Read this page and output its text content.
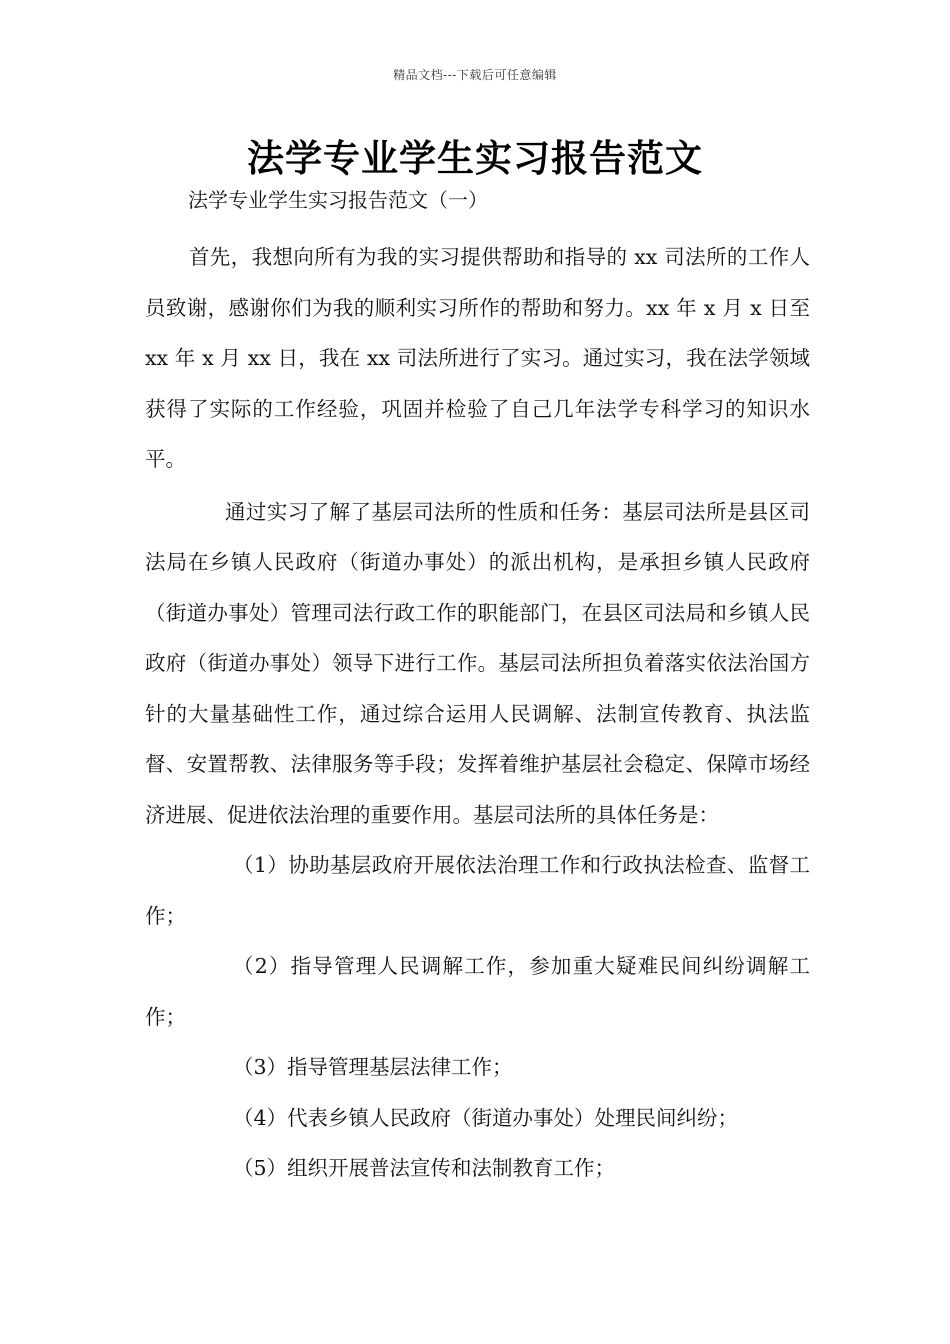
精品文档---下载后可任意编辑
法学专业学生实习报告范文
法学专业学生实习报告范文（一）

首先，我想向所有为我的实习提供帮助和指导的 xx 司法所的工作人员致谢，感谢你们为我的顺利实习所作的帮助和努力。xx 年 x 月 x 日至 xx 年 x 月 xx 日，我在 xx 司法所进行了实习。通过实习，我在法学领域获得了实际的工作经验，巩固并检验了自己几年法学专科学习的知识水平。

通过实习了解了基层司法所的性质和任务：基层司法所是县区司法局在乡镇人民政府（街道办事处）的派出机构，是承担乡镇人民政府（街道办事处）管理司法行政工作的职能部门，在县区司法局和乡镇人民政府（街道办事处）领导下进行工作。基层司法所担负着落实依法治国方针的大量基础性工作，通过综合运用人民调解、法制宣传教育、执法监督、安置帮教、法律服务等手段；发挥着维护基层社会稳定、保障市场经济进展、促进依法治理的重要作用。基层司法所的具体任务是：

（1）协助基层政府开展依法治理工作和行政执法检查、监督工作；

（2）指导管理人民调解工作，参加重大疑难民间纠纷调解工作；

（3）指导管理基层法律工作；

（4）代表乡镇人民政府（街道办事处）处理民间纠纷；

（5）组织开展普法宣传和法制教育工作；
